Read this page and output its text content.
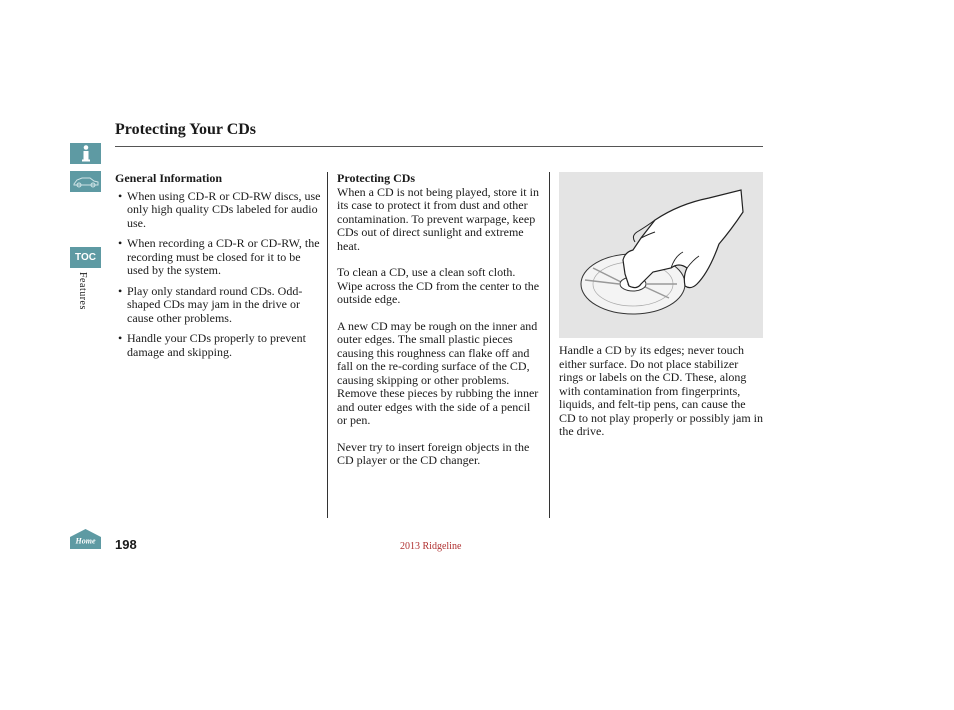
TOC
Features
Home
Protecting Your CDs

General Information

• When using CD-R or CD-RW discs, use only high quality CDs labeled for audio use.
• When recording a CD-R or CD-RW, the recording must be closed for it to be used by the system.
• Play only standard round CDs. Odd-shaped CDs may jam in the drive or cause other problems.
• Handle your CDs properly to prevent damage and skipping.

Protecting CDs

When a CD is not being played, store it in its case to protect it from dust and other contamination. To prevent warpage, keep CDs out of direct sunlight and extreme heat.

To clean a CD, use a clean soft cloth. Wipe across the CD from the center to the outside edge.

A new CD may be rough on the inner and outer edges. The small plastic pieces causing this roughness can flake off and fall on the re-cording surface of the CD, causing skipping or other problems. Remove these pieces by rubbing the inner and outer edges with the side of a pencil or pen.

Never try to insert foreign objects in the CD player or the CD changer.

Handle a CD by its edges; never touch either surface. Do not place stabilizer rings or labels on the CD. These, along with contamination from fingerprints, liquids, and felt-tip pens, can cause the CD to not play properly or possibly jam in the drive.

198	2013 Ridgeline
